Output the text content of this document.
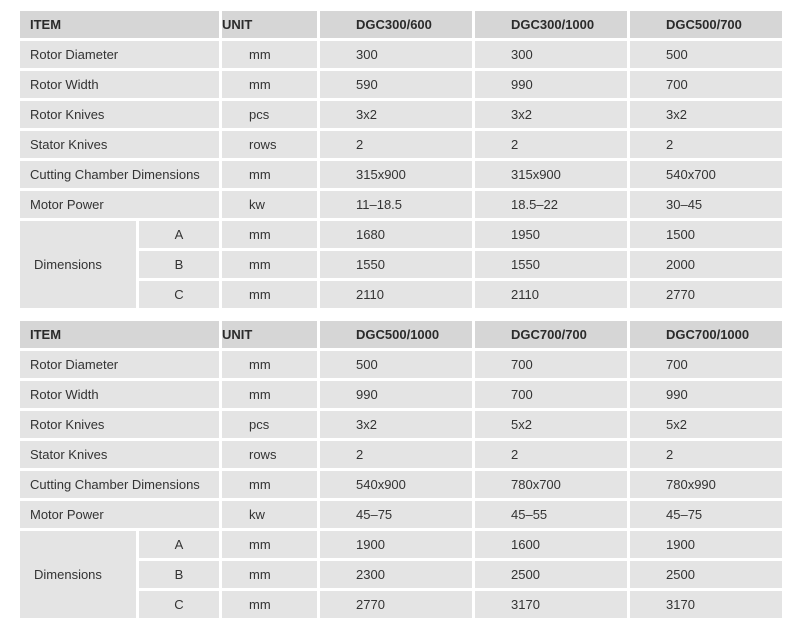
ITEM		UNIT	DGC300/600	DGC300/1000	DGC500/700
Rotor Diameter		mm	300	300	500
Rotor Width		mm	590	990	700
Rotor Knives		pcs	3x2	3x2	3x2
Stator Knives		rows	2	2	2
Cutting Chamber Dimensions		mm	315x900	315x900	540x700
Motor Power		kw	11–18.5	18.5–22	30–45
Dimensions	A	mm	1680	1950	1500
	B	mm	1550	1550	2000
	C	mm	2110	2110	2770
ITEM		UNIT	DGC500/1000	DGC700/700	DGC700/1000
Rotor Diameter		mm	500	700	700
Rotor Width		mm	990	700	990
Rotor Knives		pcs	3x2	5x2	5x2
Stator Knives		rows	2	2	2
Cutting Chamber Dimensions		mm	540x900	780x700	780x990
Motor Power		kw	45–75	45–55	45–75
Dimensions	A	mm	1900	1600	1900
	B	mm	2300	2500	2500
	C	mm	2770	3170	3170
